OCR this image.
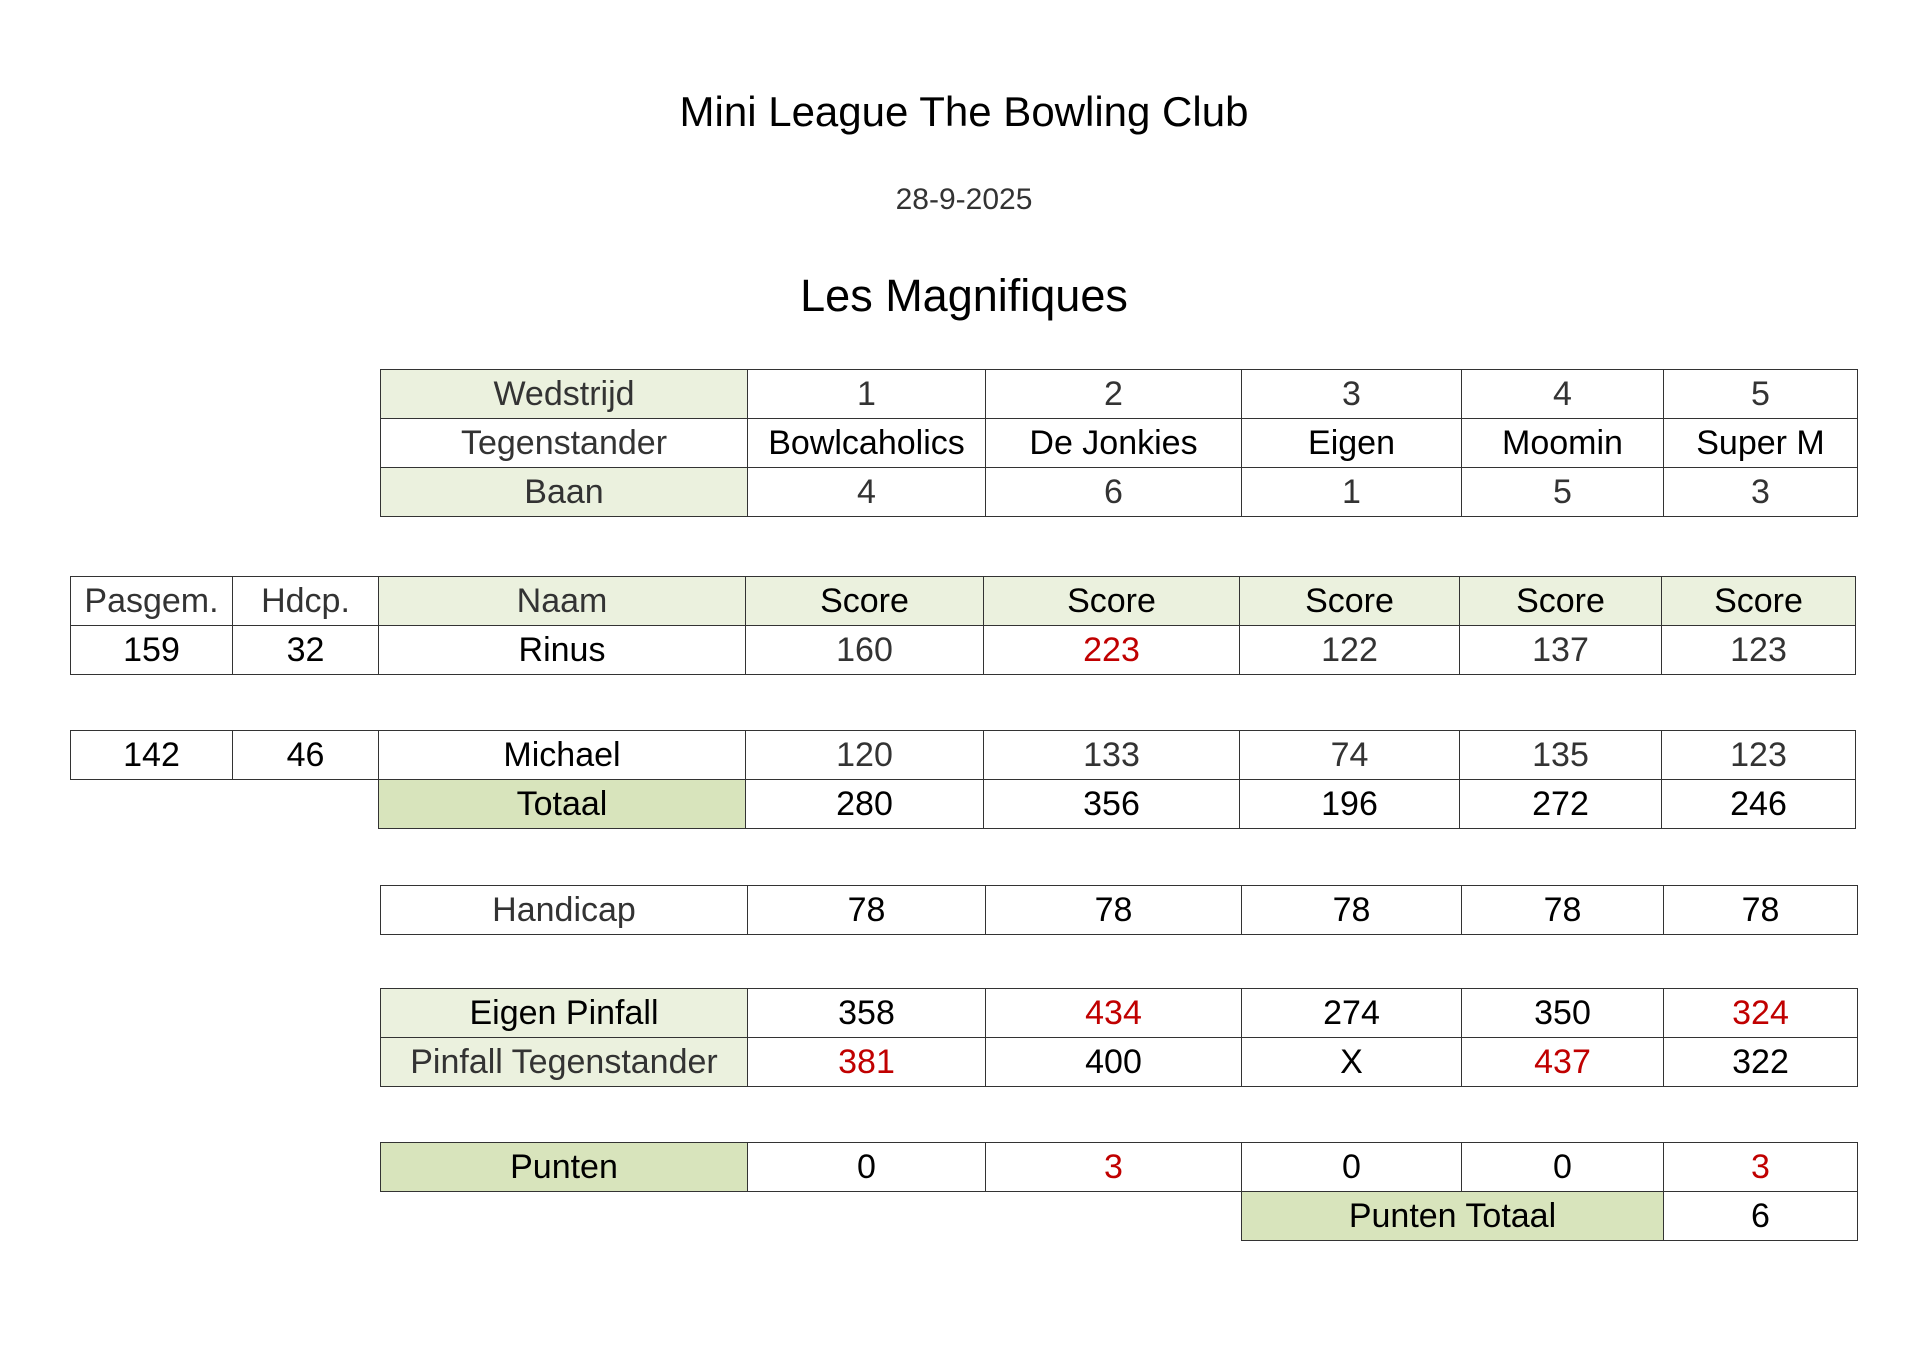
Mini League The Bowling Club
28-9-2025
Les Magnifiques
Wedstrijd	1	2	3	4	5
Tegenstander	Bowlcaholics	De Jonkies	Eigen	Moomin	Super M
Baan	4	6	1	5	3
Pasgem.	Hdcp.	Naam	Score	Score	Score	Score	Score
159	32	Rinus	160	223	122	137	123
142	46	Michael	120	133	74	135	123
		Totaal	280	356	196	272	246
Handicap	78	78	78	78	78
Eigen Pinfall	358	434	274	350	324
Pinfall Tegenstander	381	400	X	437	322
Punten	0	3	0	0	3
			Punten Totaal		6
